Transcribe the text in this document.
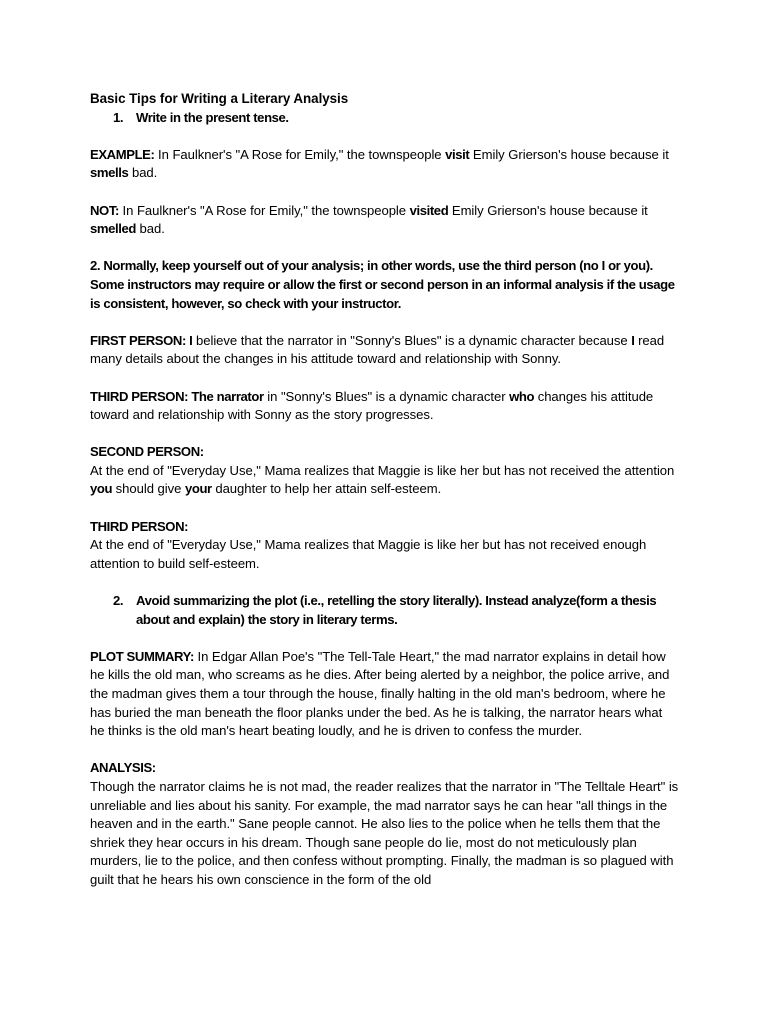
Basic Tips for Writing a Literary Analysis

1. Write in the present tense.

EXAMPLE: In Faulkner's "A Rose for Emily," the townspeople visit Emily Grierson's house because it smells bad.

NOT: In Faulkner's "A Rose for Emily," the townspeople visited Emily Grierson's house because it smelled bad.

2. Normally, keep yourself out of your analysis; in other words, use the third person (no I or you). Some instructors may require or allow the first or second person in an informal analysis if the usage is consistent, however, so check with your instructor.

FIRST PERSON: I believe that the narrator in "Sonny's Blues" is a dynamic character because I read many details about the changes in his attitude toward and relationship with Sonny.

THIRD PERSON: The narrator in "Sonny's Blues" is a dynamic character who changes his attitude toward and relationship with Sonny as the story progresses.

SECOND PERSON:

At the end of "Everyday Use," Mama realizes that Maggie is like her but has not received the attention you should give your daughter to help her attain self-esteem.

THIRD PERSON:

At the end of "Everyday Use," Mama realizes that Maggie is like her but has not received enough attention to build self-esteem.

2. Avoid summarizing the plot (i.e., retelling the story literally). Instead analyze(form a thesis about and explain) the story in literary terms.

PLOT SUMMARY: In Edgar Allan Poe's "The Tell-Tale Heart," the mad narrator explains in detail how he kills the old man, who screams as he dies. After being alerted by a neighbor, the police arrive, and the madman gives them a tour through the house, finally halting in the old man's bedroom, where he has buried the man beneath the floor planks under the bed. As he is talking, the narrator hears what he thinks is the old man's heart beating loudly, and he is driven to confess the murder.

ANALYSIS:

Though the narrator claims he is not mad, the reader realizes that the narrator in "The Telltale Heart" is unreliable and lies about his sanity. For example, the mad narrator says he can hear "all things in the heaven and in the earth." Sane people cannot. He also lies to the police when he tells them that the shriek they hear occurs in his dream. Though sane people do lie, most do not meticulously plan murders, lie to the police, and then confess without prompting. Finally, the madman is so plagued with guilt that he hears his own conscience in the form of the old
